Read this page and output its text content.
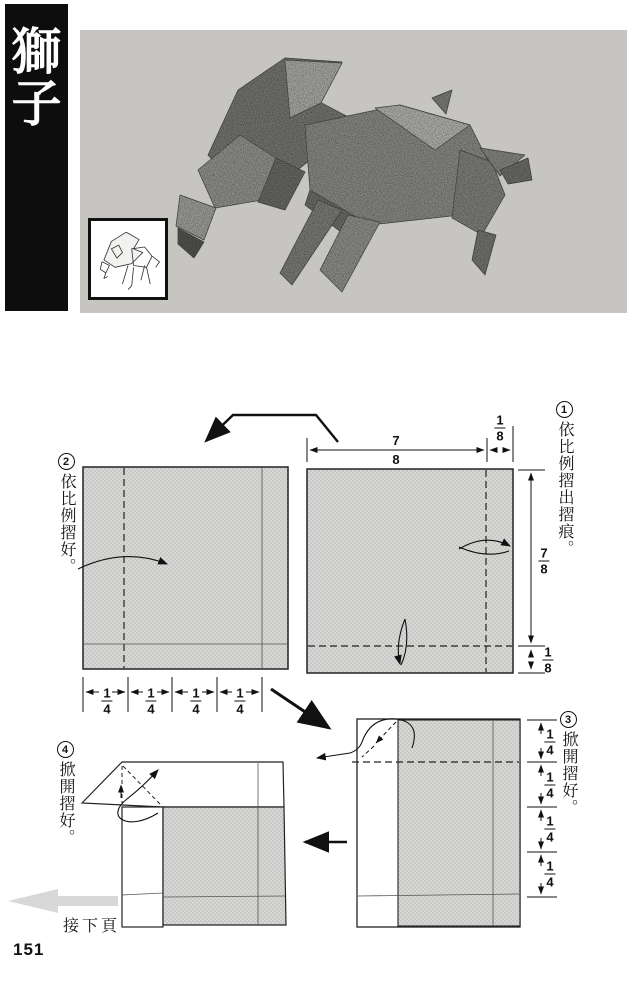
獅
子
1
依比例摺出摺痕。
2
依比例摺好。
3
掀開摺好。
4
掀開摺好。
7
8
$\frac{1}{8}$
$\frac{7}{8}$
$\frac{1}{8}$
$\frac{1}{4}$	$\frac{1}{4}$	$\frac{1}{4}$	$\frac{1}{4}$
$\frac{1}{4}$
$\frac{1}{4}$
$\frac{1}{4}$
$\frac{1}{4}$
接下頁
151
